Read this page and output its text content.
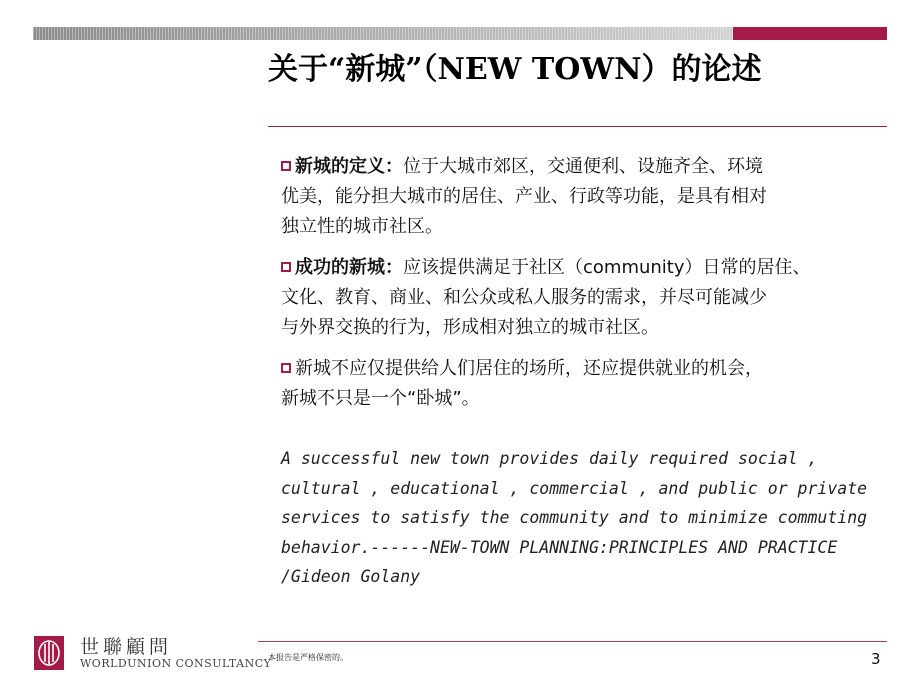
关于“新城”（NEW TOWN）的论述
新城的定义：位于大城市郊区，交通便利、设施齐全、环境
优美，能分担大城市的居住、产业、行政等功能，是具有相对
独立性的城市社区。
成功的新城：应该提供满足于社区（community）日常的居住、
文化、教育、商业、和公众或私人服务的需求，并尽可能减少
与外界交换的行为，形成相对独立的城市社区。
新城不应仅提供给人们居住的场所，还应提供就业的机会，
新城不只是一个“卧城”。
A successful new town provides daily required social ,
cultural , educational , commercial , and public or private
services to satisfy the community and to minimize commuting
behavior.------NEW-TOWN PLANNING:PRINCIPLES AND PRACTICE
/Gideon Golany
世聯顧問
WORLDUNION CONSULTANCY
本报告是严格保密的。	3
